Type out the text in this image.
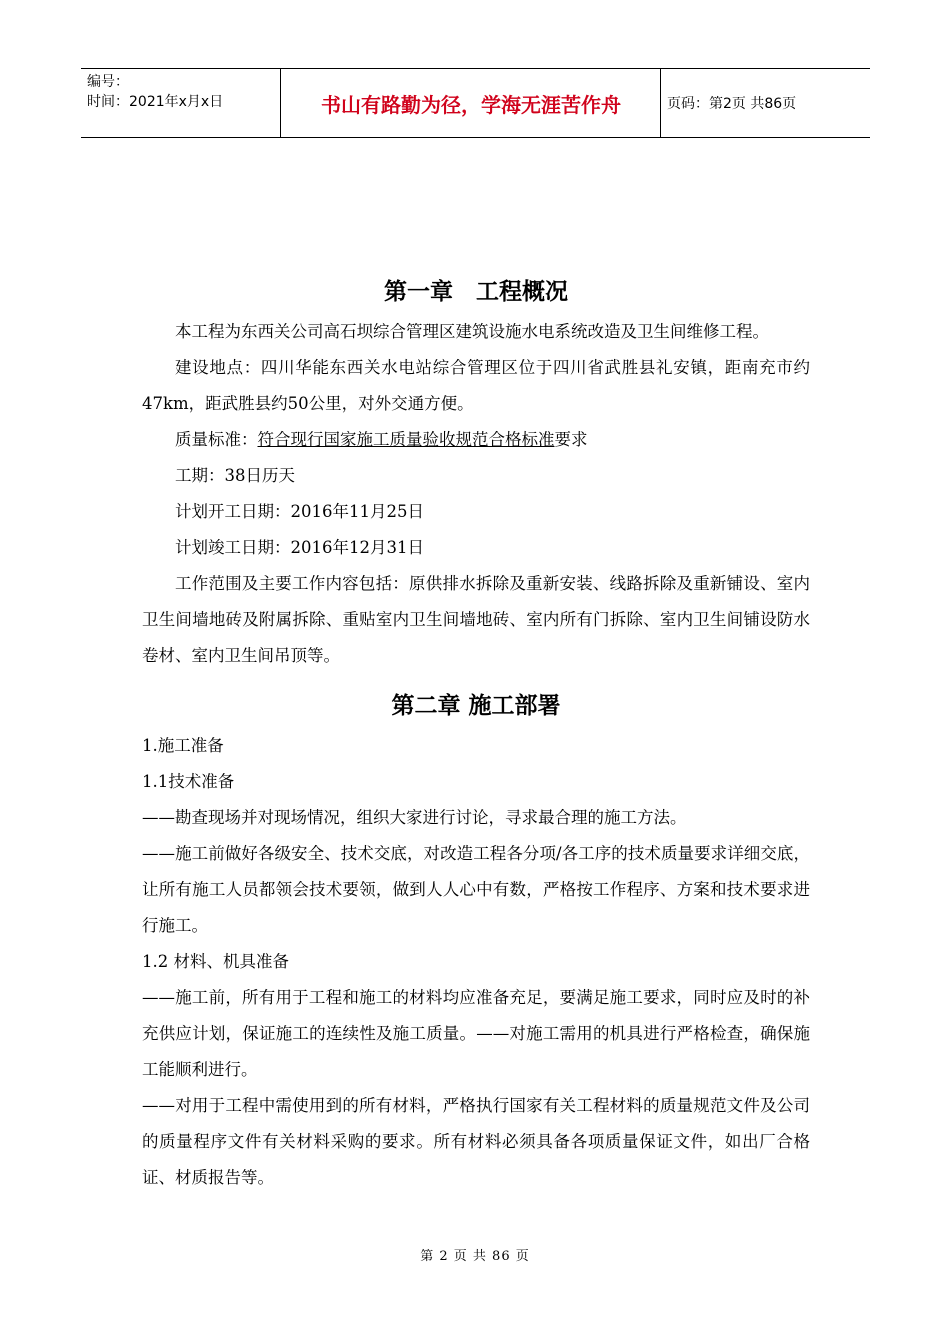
编号：
时间：2021年x月x日	书山有路勤为径，学海无涯苦作舟	页码：第2页 共86页
第一章　工程概况

本工程为东西关公司高石坝综合管理区建筑设施水电系统改造及卫生间维修工程。

建设地点：四川华能东西关水电站综合管理区位于四川省武胜县礼安镇，距南充市约47km，距武胜县约50公里，对外交通方便。

质量标准：符合现行国家施工质量验收规范合格标准要求

工期：38日历天

计划开工日期：2016年11月25日

计划竣工日期：2016年12月31日

工作范围及主要工作内容包括：原供排水拆除及重新安装、线路拆除及重新铺设、室内卫生间墙地砖及附属拆除、重贴室内卫生间墙地砖、室内所有门拆除、室内卫生间铺设防水卷材、室内卫生间吊顶等。

第二章 施工部署

1.施工准备

1.1技术准备

——勘查现场并对现场情况，组织大家进行讨论，寻求最合理的施工方法。

——施工前做好各级安全、技术交底，对改造工程各分项/各工序的技术质量要求详细交底，让所有施工人员都领会技术要领，做到人人心中有数，严格按工作程序、方案和技术要求进行施工。

1.2 材料、机具准备

——施工前，所有用于工程和施工的材料均应准备充足，要满足施工要求，同时应及时的补充供应计划，保证施工的连续性及施工质量。——对施工需用的机具进行严格检查，确保施工能顺利进行。

——对用于工程中需使用到的所有材料，严格执行国家有关工程材料的质量规范文件及公司的质量程序文件有关材料采购的要求。所有材料必须具备各项质量保证文件，如出厂合格证、材质报告等。

第 2 页 共 86 页
